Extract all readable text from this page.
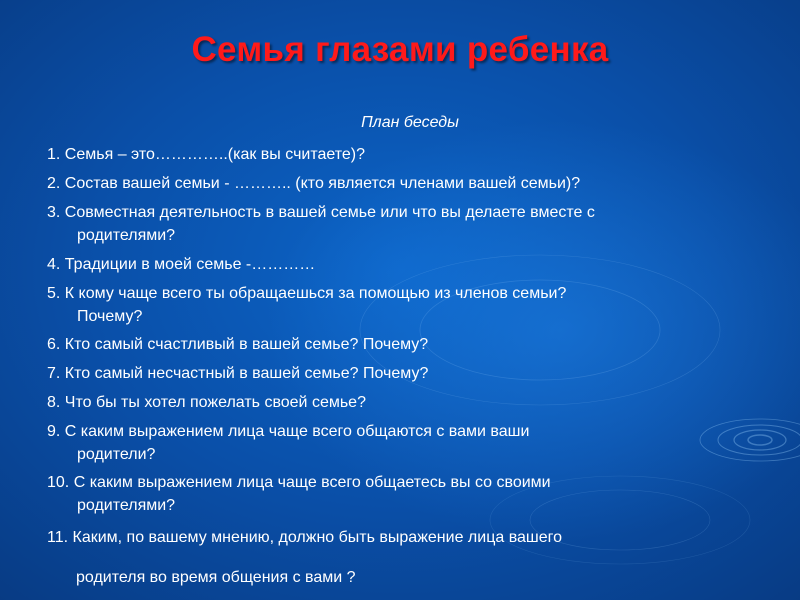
Семья глазами ребенка
План беседы
1. Семья – это…………..(как вы считаете)?
2. Состав вашей семьи - ……….. (кто является членами вашей семьи)?
3. Совместная деятельность в вашей семье или что вы делаете вместе с
родителями?
4. Традиции в моей семье -…………
5. К кому чаще всего ты обращаешься за помощью из членов семьи?
Почему?
6. Кто самый счастливый в вашей семье? Почему?
7. Кто самый несчастный в вашей семье? Почему?
8. Что бы ты хотел пожелать своей семье?
9. С каким выражением лица чаще всего общаются с вами ваши
родители?
10. С каким выражением лица чаще всего общаетесь вы со своими
родителями?
11. Каким, по вашему мнению, должно быть выражение лица вашего
родителя во время общения с вами ?
